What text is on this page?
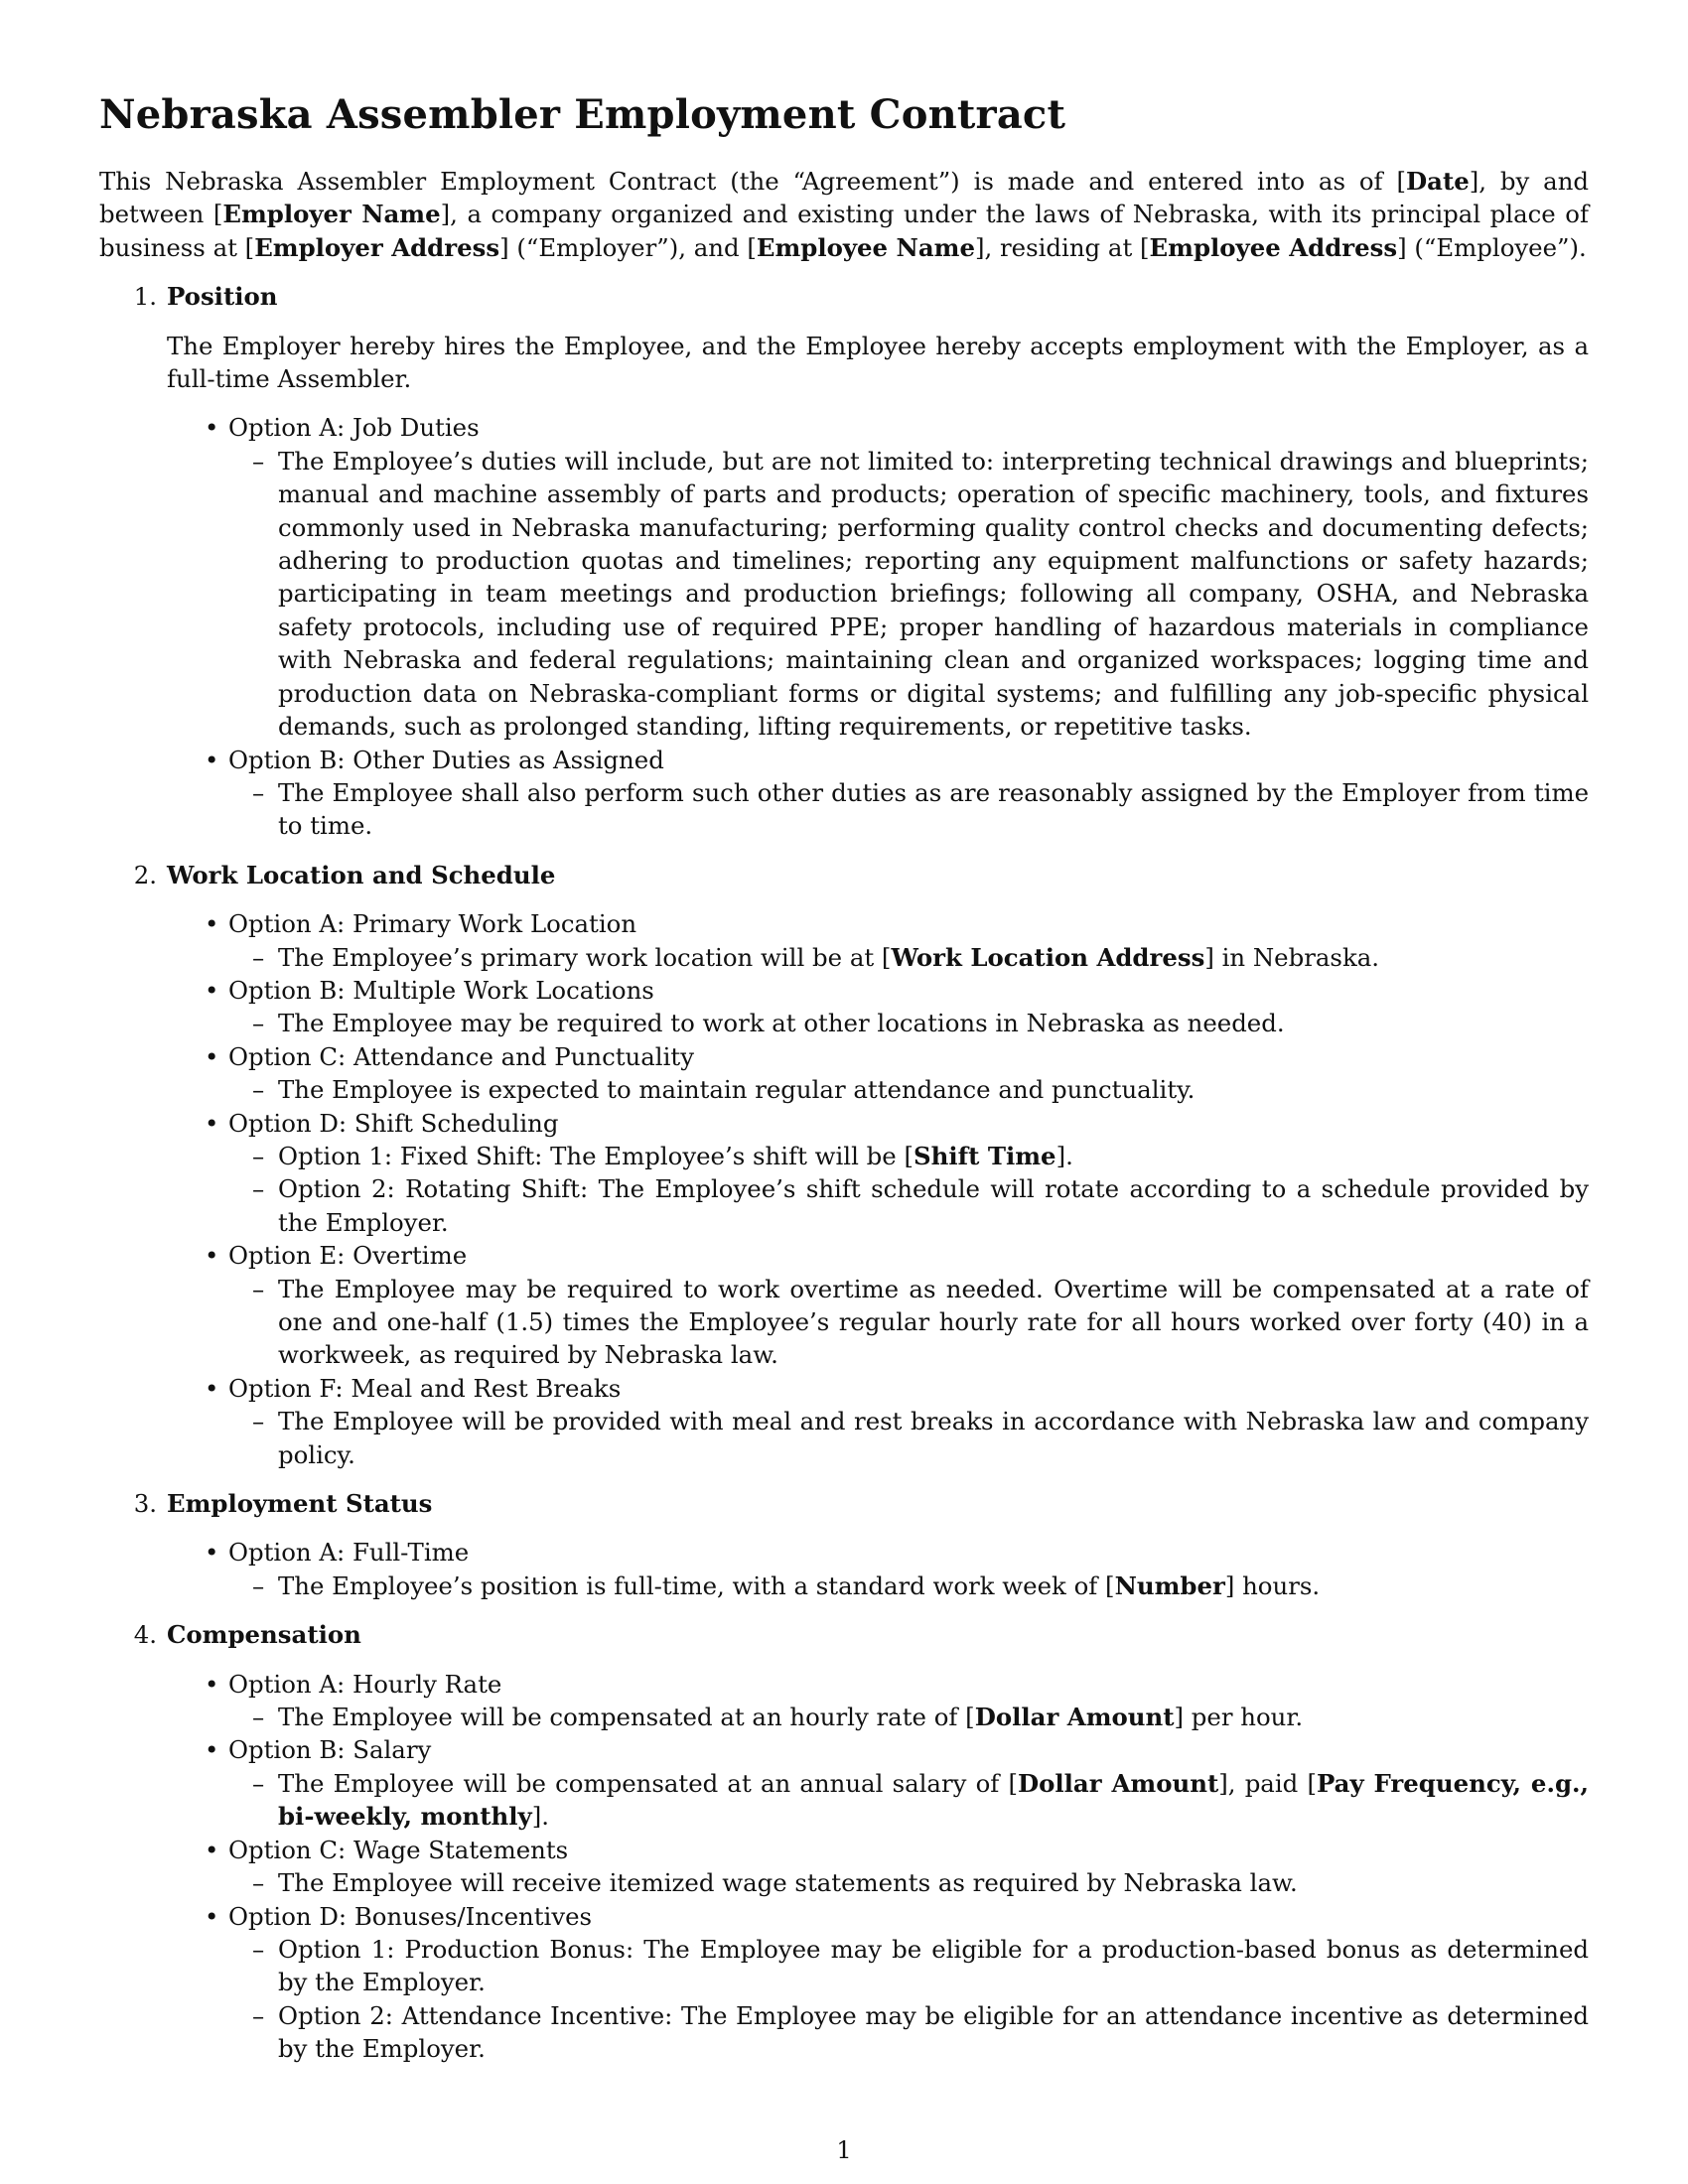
Nebraska Assembler Employment Contract

This Nebraska Assembler Employment Contract (the “Agreement”) is made and entered into as of [Date], by and between [Employer Name], a company organized and existing under the laws of Nebraska, with its principal place of business at [Employer Address] (“Employer”), and [Employee Name], residing at [Employee Address] (“Employee”).

1. Position

The Employer hereby hires the Employee, and the Employee hereby accepts employment with the Employer, as a full-time Assembler.

• Option A: Job Duties
– The Employee’s duties will include, but are not limited to: interpreting technical drawings and blueprints; manual and machine assembly of parts and products; operation of specific machinery, tools, and fixtures commonly used in Nebraska manufacturing; performing quality control checks and documenting defects; adhering to production quotas and timelines; reporting any equipment malfunctions or safety hazards; participating in team meetings and production briefings; following all company, OSHA, and Nebraska safety protocols, including use of required PPE; proper handling of hazardous materials in compliance with Nebraska and federal regulations; maintaining clean and organized workspaces; logging time and production data on Nebraska-compliant forms or digital systems; and fulfilling any job-specific physical demands, such as prolonged standing, lifting requirements, or repetitive tasks.
• Option B: Other Duties as Assigned
– The Employee shall also perform such other duties as are reasonably assigned by the Employer from time to time.
2. Work Location and Schedule
• Option A: Primary Work Location
– The Employee’s primary work location will be at [Work Location Address] in Nebraska.
• Option B: Multiple Work Locations
– The Employee may be required to work at other locations in Nebraska as needed.
• Option C: Attendance and Punctuality
– The Employee is expected to maintain regular attendance and punctuality.
• Option D: Shift Scheduling
– Option 1: Fixed Shift: The Employee’s shift will be [Shift Time].
– Option 2: Rotating Shift: The Employee’s shift schedule will rotate according to a schedule provided by the Employer.
• Option E: Overtime
– The Employee may be required to work overtime as needed. Overtime will be compensated at a rate of one and one-half (1.5) times the Employee’s regular hourly rate for all hours worked over forty (40) in a workweek, as required by Nebraska law.
• Option F: Meal and Rest Breaks
– The Employee will be provided with meal and rest breaks in accordance with Nebraska law and company policy.
3. Employment Status
• Option A: Full-Time
– The Employee’s position is full-time, with a standard work week of [Number] hours.
4. Compensation
• Option A: Hourly Rate
– The Employee will be compensated at an hourly rate of [Dollar Amount] per hour.
• Option B: Salary
– The Employee will be compensated at an annual salary of [Dollar Amount], paid [Pay Frequency, e.g., bi-weekly, monthly].
• Option C: Wage Statements
– The Employee will receive itemized wage statements as required by Nebraska law.
• Option D: Bonuses/Incentives
– Option 1: Production Bonus: The Employee may be eligible for a production-based bonus as determined by the Employer.
– Option 2: Attendance Incentive: The Employee may be eligible for an attendance incentive as determined by the Employer.
1
